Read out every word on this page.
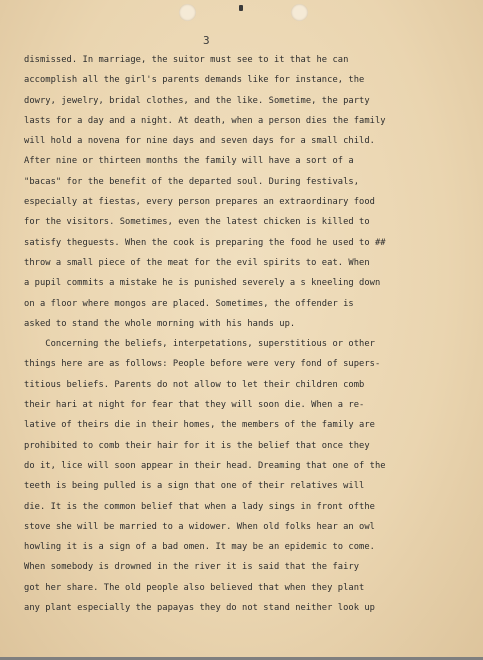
3
dismissed. In marriage, the suitor must see to it that he can
accomplish all the girl's parents demands like for instance, the
dowry, jewelry, bridal clothes, and the like. Sometime, the party
lasts for a day and a night. At death, when a person dies the family
will hold a novena for nine days and seven days for a small child.
After nine or thirteen months the family will have a sort of a
"bacas" for the benefit of the departed soul. During festivals,
especially at fiestas, every person prepares an extraordinary food
for the visitors. Sometimes, even the latest chicken is killed to
satisfy theguests. When the cook is preparing the food he used to ##
throw a small piece of the meat for the evil spirits to eat. When
a pupil commits a mistake he is punished severely a s kneeling down
on a floor where mongos are placed. Sometimes, the offender is
asked to stand the whole morning with his hands up.
Concerning the beliefs, interpetations, superstitious or other
things here are as follows: People before were very fond of supers-
titious beliefs. Parents do not allow to let their children comb
their hari at night for fear that they will soon die. When a re-
lative of theirs die in their homes, the members of the family are
prohibited to comb their hair for it is the belief that once they
do it, lice will soon appear in their head. Dreaming that one of the
teeth is being pulled is a sign that one of their relatives will
die. It is the common belief that when a lady sings in front ofthe
stove she will be married to a widower. When old folks hear an owl
howling it is a sign of a bad omen. It may be an epidemic to come.
When somebody is drowned in the river it is said that the fairy
got her share. The old people also believed that when they plant
any plant especially the papayas they do not stand neither look up
